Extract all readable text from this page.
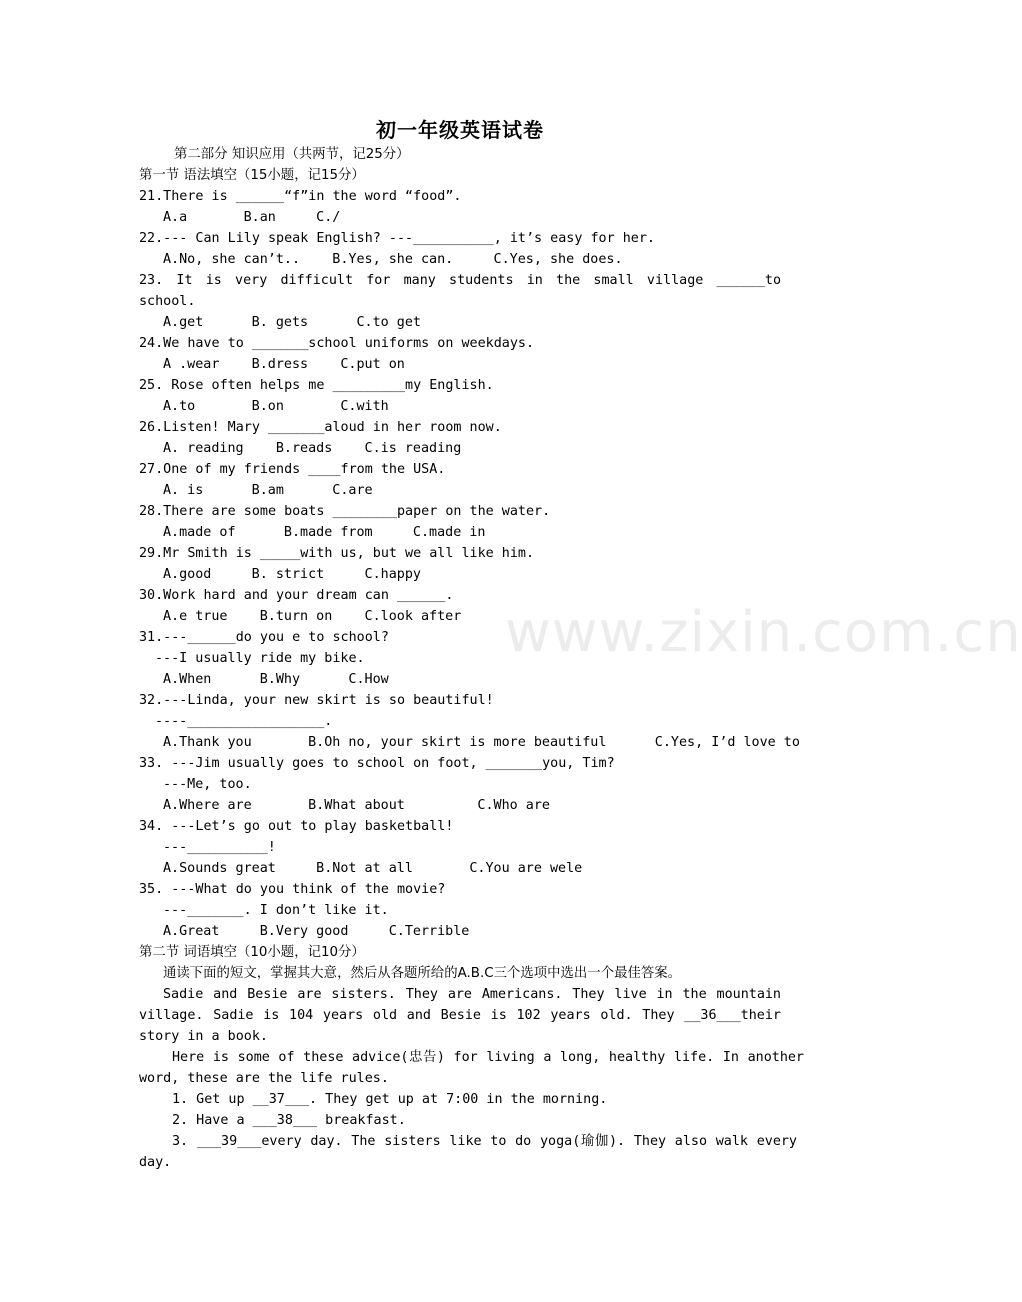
初一年级英语试卷
第二部分 知识应用（共两节，记25分）
第一节 语法填空（15小题，记15分）
21.There is ______“f”in the word “food”.
A.a       B.an     C./
22.--- Can Lily speak English? ---__________, it’s easy for her.
A.No, she can’t..    B.Yes, she can.     C.Yes, she does.
23. It is very difficult for many students in the small village ______to
school.
A.get      B. gets      C.to get
24.We have to _______school uniforms on weekdays.
A .wear    B.dress    C.put on
25. Rose often helps me _________my English.
A.to       B.on       C.with
26.Listen! Mary _______aloud in her room now.
A. reading    B.reads    C.is reading
27.One of my friends ____from the USA.
A. is      B.am      C.are
28.There are some boats ________paper on the water.
A.made of      B.made from     C.made in
29.Mr Smith is _____with us, but we all like him.
A.good     B. strict     C.happy
30.Work hard and your dream can ______.
A.e true    B.turn on    C.look after
31.---______do you e to school?
---I usually ride my bike.
A.When      B.Why      C.How
32.---Linda, your new skirt is so beautiful!
----_________________.
A.Thank you       B.Oh no, your skirt is more beautiful      C.Yes, I’d love to
33. ---Jim usually goes to school on foot, _______you, Tim?
---Me, too.
A.Where are       B.What about         C.Who are
34. ---Let’s go out to play basketball!
---__________!
A.Sounds great     B.Not at all       C.You are wele
35. ---What do you think of the movie?
---_______. I don’t like it.
A.Great     B.Very good     C.Terrible
第二节 词语填空（10小题，记10分）
通读下面的短文，掌握其大意，然后从各题所给的A.B.C三个选项中选出一个最佳答案。
Sadie and Besie are sisters. They are Americans. They live in the mountain
village. Sadie is 104 years old and Besie is 102 years old. They __36___their
story in a book.
Here is some of these advice(忠告) for living a long, healthy life. In another
word, these are the life rules.
1. Get up __37___. They get up at 7:00 in the morning.
2. Have a ___38___ breakfast.
3. ___39___every day. The sisters like to do yoga(瑜伽). They also walk every
day.
www.zixin.com.cn
